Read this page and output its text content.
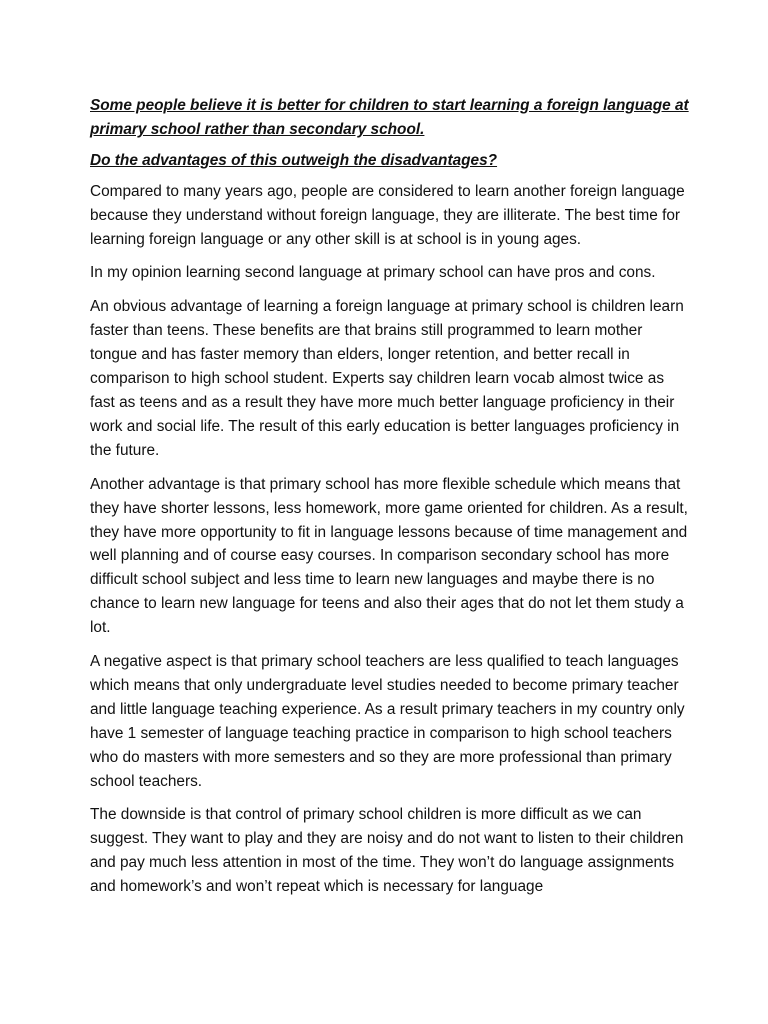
Some people believe it is better for children to start learning a foreign language at primary school rather than secondary school.

Do the advantages of this outweigh the disadvantages?

Compared to many years ago, people are considered to learn another foreign language because they understand without foreign language, they are illiterate. The best time for learning foreign language or any other skill is at school is in young ages.

In my opinion learning second language at primary school can have pros and cons.

An obvious advantage of learning a foreign language at primary school is children learn faster than teens. These benefits are that brains still programmed to learn mother tongue and has faster memory than elders, longer retention, and better recall in comparison to high school student. Experts say children learn vocab almost twice as fast as teens and as a result they have more much better language proficiency in their work and social life. The result of this early education is better languages proficiency in the future.

Another advantage is that primary school has more flexible schedule which means that they have shorter lessons, less homework, more game oriented for children. As a result, they have more opportunity to fit in language lessons because of time management and well planning and of course easy courses. In comparison secondary school has more difficult school subject and less time to learn new languages and maybe there is no chance to learn new language for teens and also their ages that do not let them study a lot.

A negative aspect is that primary school teachers are less qualified to teach languages which means that only undergraduate level studies needed to become primary teacher and little language teaching experience. As a result primary teachers in my country only have 1 semester of language teaching practice in comparison to high school teachers who do masters with more semesters and so they are more professional than primary school teachers.

The downside is that control of primary school children is more difficult as we can suggest. They want to play and they are noisy and do not want to listen to their children and pay much less attention in most of the time. They won’t do language assignments and homework’s and won’t repeat which is necessary for language
